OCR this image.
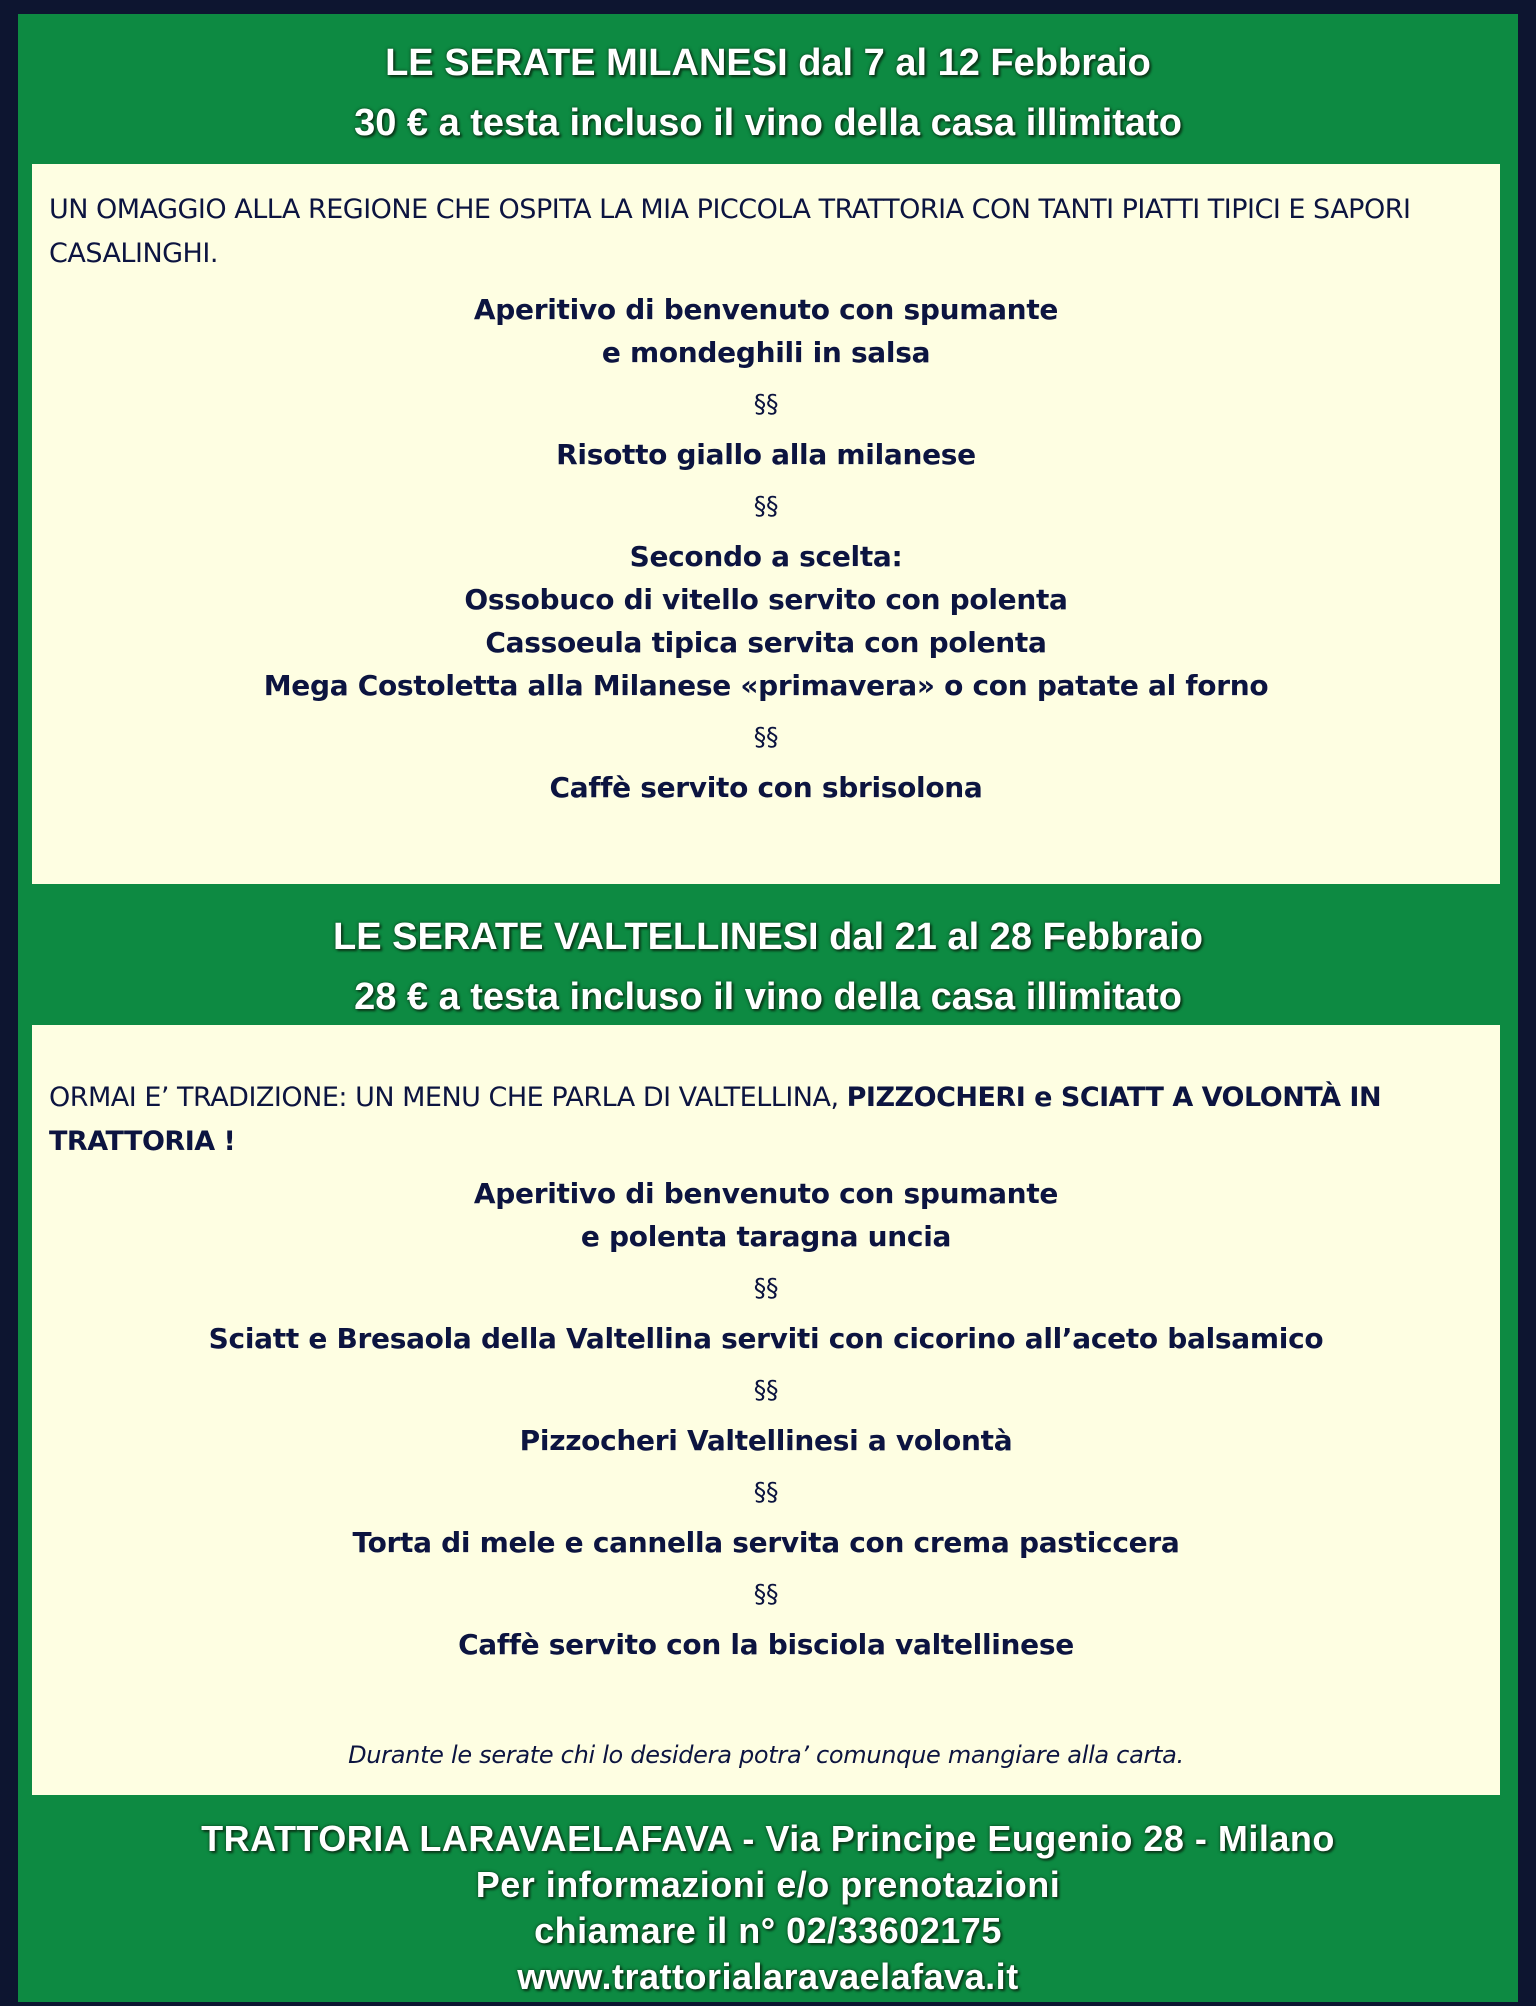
LE SERATE MILANESI dal 7 al 12 Febbraio
30 € a testa incluso il vino della casa illimitato
UN OMAGGIO ALLA REGIONE CHE OSPITA LA MIA PICCOLA TRATTORIA CON TANTI PIATTI TIPICI E SAPORI CASALINGHI.
Aperitivo di benvenuto con spumante
e mondeghili in salsa
§§
Risotto giallo alla milanese
§§
Secondo a scelta:
Ossobuco di vitello servito con polenta
Cassoeula tipica servita con polenta
Mega Costoletta alla Milanese «primavera» o con patate al forno
§§
Caffè servito con sbrisolona
LE SERATE VALTELLINESI dal 21 al 28 Febbraio
28 € a testa incluso il vino della casa illimitato
ORMAI E’ TRADIZIONE: UN MENU CHE PARLA DI VALTELLINA, PIZZOCHERI e SCIATT A VOLONTÀ IN TRATTORIA !
Aperitivo di benvenuto con spumante
e polenta taragna uncia
§§
Sciatt e Bresaola della Valtellina serviti con cicorino all’aceto balsamico
§§
Pizzocheri Valtellinesi a volontà
§§
Torta di mele e cannella servita con crema pasticcera
§§
Caffè servito con la bisciola valtellinese
Durante le serate chi lo desidera potra’ comunque mangiare alla carta.
TRATTORIA LARAVAELAFAVA - Via Principe Eugenio 28 - Milano
Per informazioni e/o prenotazioni
chiamare il n° 02/33602175
www.trattorialaravaelafava.it
